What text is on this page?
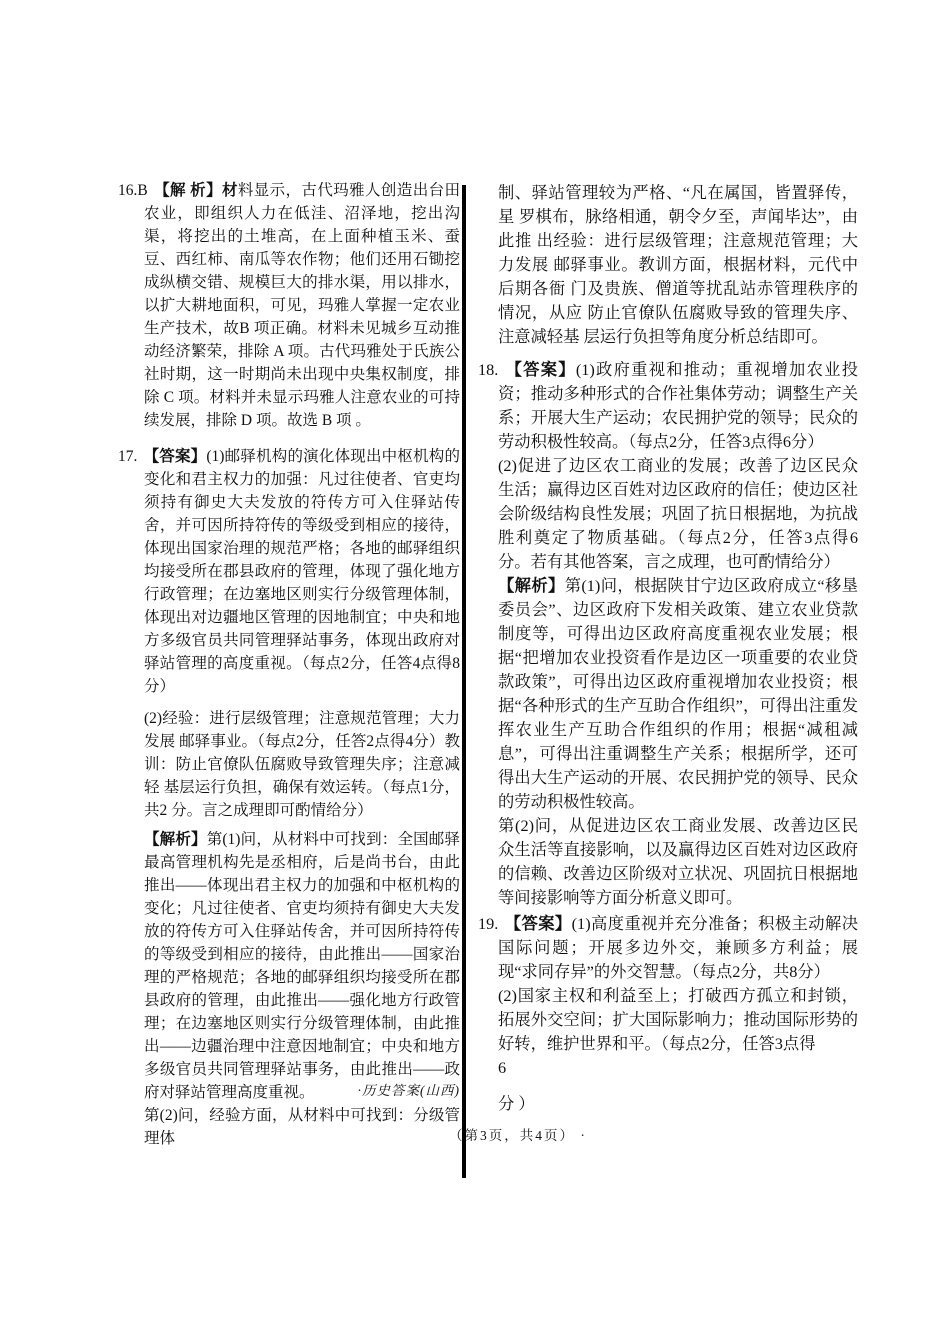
16.B 【解 析】材料显示，古代玛雅人创造出台田农业，即组织人力在低洼、沼泽地，挖出沟渠，将挖出的土堆高，在上面种植玉米、蚕豆、西红柿、南瓜等农作物；他们还用石锄挖成纵横交错、规模巨大的排水渠，用以排水，以扩大耕地面积，可见，玛雅人掌握一定农业生产技术，故B 项正确。材料未见城乡互动推动经济繁荣，排除 A 项。古代玛雅处于氏族公社时期，这一时期尚未出现中央集权制度，排除 C 项。材料并未显示玛雅人注意农业的可持续发展，排除 D 项。故选 B 项 。

17. 【答案】(1)邮驿机构的演化体现出中枢机构的变化和君主权力的加强：凡过往使者、官吏均须持有御史大夫发放的符传方可入住驿站传舍，并可因所持符传的等级受到相应的接待，体现出国家治理的规范严格；各地的邮驿组织均接受所在郡县政府的管理，体现了强化地方行政管理；在边塞地区则实行分级管理体制，体现出对边疆地区管理的因地制宜；中央和地方多级官员共同管理驿站事务，体现出政府对驿站管理的高度重视。（每点2分，任答4点得8分）

(2)经验：进行层级管理；注意规范管理；大力发展 邮驿事业。（每点2分，任答2点得4分）教训：防止官僚队伍腐败导致管理失序；注意减轻 基层运行负担，确保有效运转。（每点1分，共2 分。言之成理即可酌情给分）

【解析】第(1)问，从材料中可找到：全国邮驿最高管理机构先是丞相府，后是尚书台，由此推出——体现出君主权力的加强和中枢机构的变化；凡过往使者、官吏均须持有御史大夫发放的符传方可入住驿站传舍，并可因所持符传的等级受到相应的接待，由此推出——国家治理的严格规范；各地的邮驿组织均接受所在郡县政府的管理，由此推出——强化地方行政管理；在边塞地区则实行分级管理体制，由此推出——边疆治理中注意因地制宜；中央和地方多级官员共同管理驿站事务，由此推出——政府对驿站管理高度重视。

第(2)问，经验方面，从材料中可找到：分级管理体

制、驿站管理较为严格、“凡在属国，皆置驿传，星 罗棋布，脉络相通，朝令夕至，声闻毕达”，由此推 出经验：进行层级管理；注意规范管理；大力发展 邮驿事业。教训方面，根据材料，元代中后期各衙 门及贵族、僧道等扰乱站赤管理秩序的情况，从应 防止官僚队伍腐败导致的管理失序、注意减轻基 层运行负担等角度分析总结即可。

18. 【答案】(1)政府重视和推动；重视增加农业投资；推动多种形式的合作社集体劳动；调整生产关系；开展大生产运动；农民拥护党的领导；民众的劳动积极性较高。（每点2分，任答3点得6分）

(2)促进了边区农工商业的发展；改善了边区民众生活；赢得边区百姓对边区政府的信任；使边区社会阶级结构良性发展；巩固了抗日根据地，为抗战胜利奠定了物质基础。（每点2分，任答3点得6 分。若有其他答案，言之成理，也可酌情给分）

【解析】第(1)问，根据陕甘宁边区政府成立“移垦委员会”、边区政府下发相关政策、建立农业贷款制度等，可得出边区政府高度重视农业发展；根据“把增加农业投资看作是边区一项重要的农业贷款政策”，可得出边区政府重视增加农业投资；根据“各种形式的生产互助合作组织”，可得出注重发挥农业生产互助合作组织的作用；根据“减租减息”，可得出注重调整生产关系；根据所学，还可得出大生产运动的开展、农民拥护党的领导、民众的劳动积极性较高。

第(2)问，从促进边区农工商业发展、改善边区民众生活等直接影响，以及赢得边区百姓对边区政府的信赖、改善边区阶级对立状况、巩固抗日根据地等间接影响等方面分析意义即可。

19. 【答案】(1)高度重视并充分准备；积极主动解决国际问题；开展多边外交，兼顾多方利益；展现“求同存异”的外交智慧。（每点2分，共8分）

(2)国家主权和利益至上；打破西方孤立和封锁，拓展外交空间；扩大国际影响力；推动国际形势的好转，维护世界和平。（每点2分，任答3点得

6

分 ）

·历史答案(山西)
（第3页，共4页） ·
